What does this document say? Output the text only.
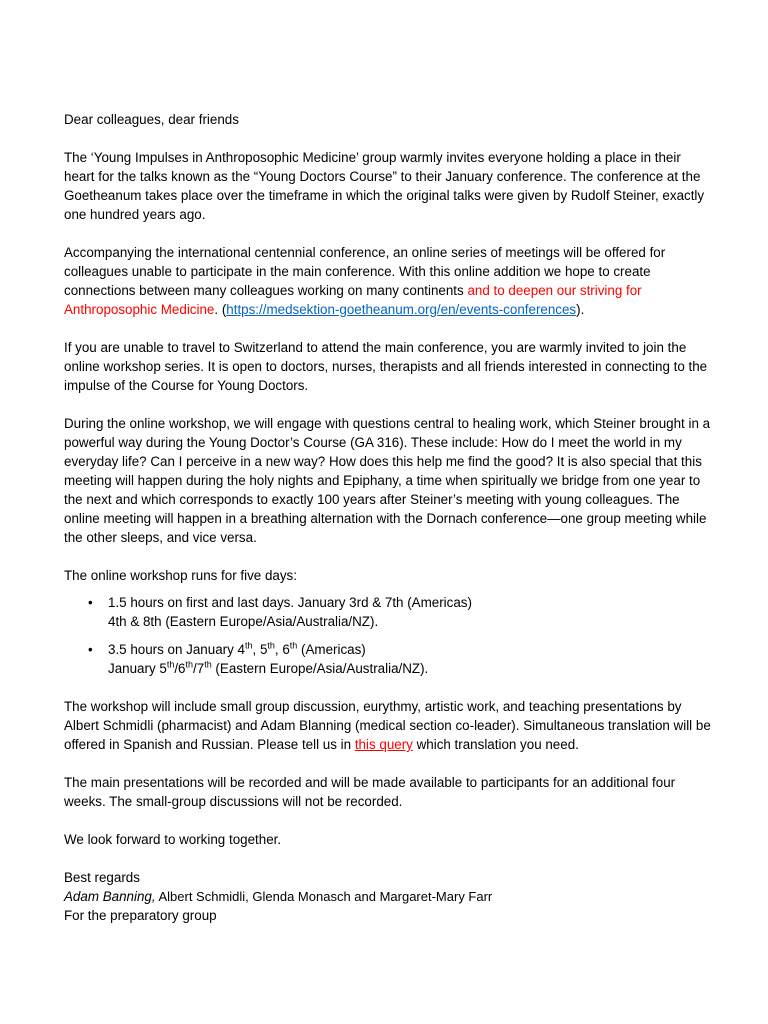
Dear colleagues, dear friends

The ‘Young Impulses in Anthroposophic Medicine’ group warmly invites everyone holding a place in their heart for the talks known as the “Young Doctors Course” to their January conference. The conference at the Goetheanum takes place over the timeframe in which the original talks were given by Rudolf Steiner, exactly one hundred years ago.

Accompanying the international centennial conference, an online series of meetings will be offered for colleagues unable to participate in the main conference. With this online addition we hope to create connections between many colleagues working on many continents and to deepen our striving for Anthroposophic Medicine. (https://medsektion-goetheanum.org/en/events-conferences).

If you are unable to travel to Switzerland to attend the main conference, you are warmly invited to join the online workshop series. It is open to doctors, nurses, therapists and all friends interested in connecting to the impulse of the Course for Young Doctors.

During the online workshop, we will engage with questions central to healing work, which Steiner brought in a powerful way during the Young Doctor’s Course (GA 316). These include: How do I meet the world in my everyday life? Can I perceive in a new way? How does this help me find the good? It is also special that this meeting will happen during the holy nights and Epiphany, a time when spiritually we bridge from one year to the next and which corresponds to exactly 100 years after Steiner’s meeting with young colleagues. The online meeting will happen in a breathing alternation with the Dornach conference—one group meeting while the other sleeps, and vice versa.

The online workshop runs for five days:

• 1.5 hours on first and last days. January 3rd & 7th (Americas)
4th & 8th (Eastern Europe/Asia/Australia/NZ).
• 3.5 hours on January 4th, 5th, 6th (Americas)
January 5th/6th/7th (Eastern Europe/Asia/Australia/NZ).

The workshop will include small group discussion, eurythmy, artistic work, and teaching presentations by Albert Schmidli (pharmacist) and Adam Blanning (medical section co-leader). Simultaneous translation will be offered in Spanish and Russian. Please tell us in this query which translation you need.

The main presentations will be recorded and will be made available to participants for an additional four weeks. The small-group discussions will not be recorded.

We look forward to working together.

Best regards
Adam Banning, Albert Schmidli, Glenda Monasch and Margaret-Mary Farr
For the preparatory group
